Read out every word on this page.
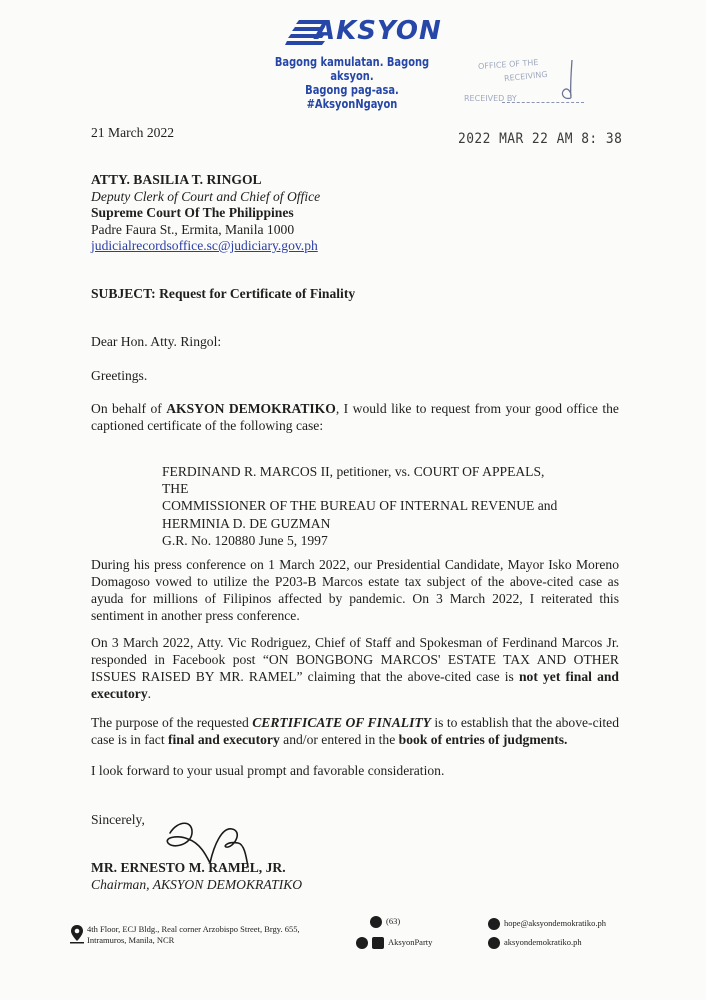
AKSYON
Bagong kamulatan. Bagong aksyon.
Bagong pag-asa. #AksyonNgayon
OFFICE OF THE
RECEIVING
RECEIVED BY
2022 MAR 22 AM 8: 38
21 March 2022
ATTY. BASILIA T. RINGOL
Deputy Clerk of Court and Chief of Office
Supreme Court Of The Philippines
Padre Faura St., Ermita, Manila 1000
judicialrecordsoffice.sc@judiciary.gov.ph
SUBJECT: Request for Certificate of Finality
Dear Hon. Atty. Ringol:
Greetings.
On behalf of AKSYON DEMOKRATIKO, I would like to request from your good office the captioned certificate of the following case:
FERDINAND R. MARCOS II, petitioner, vs. COURT OF APPEALS, THE
COMMISSIONER OF THE BUREAU OF INTERNAL REVENUE and
HERMINIA D. DE GUZMAN
G.R. No. 120880 June 5, 1997
During his press conference on 1 March 2022, our Presidential Candidate, Mayor Isko Moreno Domagoso vowed to utilize the P203-B Marcos estate tax subject of the above-cited case as ayuda for millions of Filipinos affected by pandemic. On 3 March 2022, I reiterated this sentiment in another press conference.
On 3 March 2022, Atty. Vic Rodriguez, Chief of Staff and Spokesman of Ferdinand Marcos Jr. responded in Facebook post “ON BONGBONG MARCOS' ESTATE TAX AND OTHER ISSUES RAISED BY MR. RAMEL” claiming that the above-cited case is not yet final and executory.
The purpose of the requested CERTIFICATE OF FINALITY is to establish that the above-cited case is in fact final and executory and/or entered in the book of entries of judgments.
I look forward to your usual prompt and favorable consideration.
Sincerely,
MR. ERNESTO M. RAMEL, JR.
Chairman, AKSYON DEMOKRATIKO
4th Floor, ECJ Bldg., Real corner Arzobispo Street, Brgy. 655,
Intramuros, Manila, NCR
(63)
AksyonParty
hope@aksyondemokratiko.ph
aksyondemokratiko.ph
